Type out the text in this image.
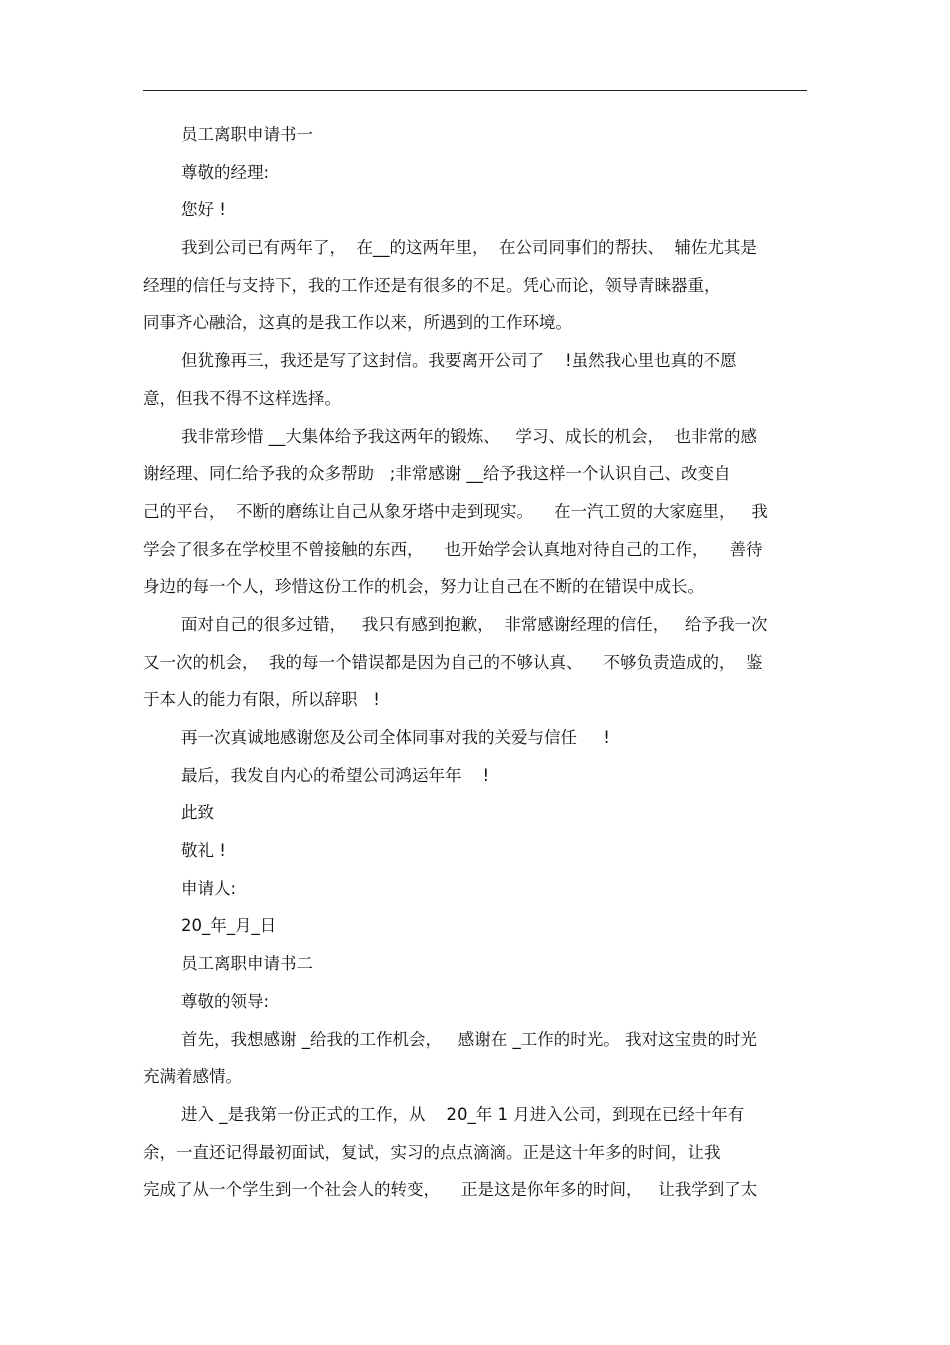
员工离职申请书一
尊敬的经理:
您好 !
我到公司已有两年了，  在__的这两年里，  在公司同事们的帮扶、  辅佐尤其是
经理的信任与支持下，我的工作还是有很多的不足。凭心而论，领导青睐器重，
同事齐心融洽，这真的是我工作以来，所遇到的工作环境。
但犹豫再三，我还是写了这封信。我要离开公司了    !虽然我心里也真的不愿
意，但我不得不这样选择。
我非常珍惜 __大集体给予我这两年的锻炼、   学习、成长的机会，  也非常的感
谢经理、同仁给予我的众多帮助   ;非常感谢 __给予我这样一个认识自己、改变自
己的平台，  不断的磨练让自己从象牙塔中走到现实。    在一汽工贸的大家庭里，   我
学会了很多在学校里不曾接触的东西，    也开始学会认真地对待自己的工作，    善待
身边的每一个人，珍惜这份工作的机会，努力让自己在不断的在错误中成长。
面对自己的很多过错，   我只有感到抱歉，  非常感谢经理的信任，   给予我一次
又一次的机会，  我的每一个错误都是因为自己的不够认真、    不够负责造成的，  鉴
于本人的能力有限，所以辞职   !
再一次真诚地感谢您及公司全体同事对我的关爱与信任     !
最后，我发自内心的希望公司鸿运年年    !
此致
敬礼 !
申请人:
20_年_月_日
员工离职申请书二
尊敬的领导:
首先，我想感谢 _给我的工作机会，   感谢在 _工作的时光。 我对这宝贵的时光
充满着感情。
进入 _是我第一份正式的工作，从    20_年 1 月进入公司，到现在已经十年有
余，一直还记得最初面试，复试，实习的点点滴滴。正是这十年多的时间，让我
完成了从一个学生到一个社会人的转变，    正是这是你年多的时间，   让我学到了太
